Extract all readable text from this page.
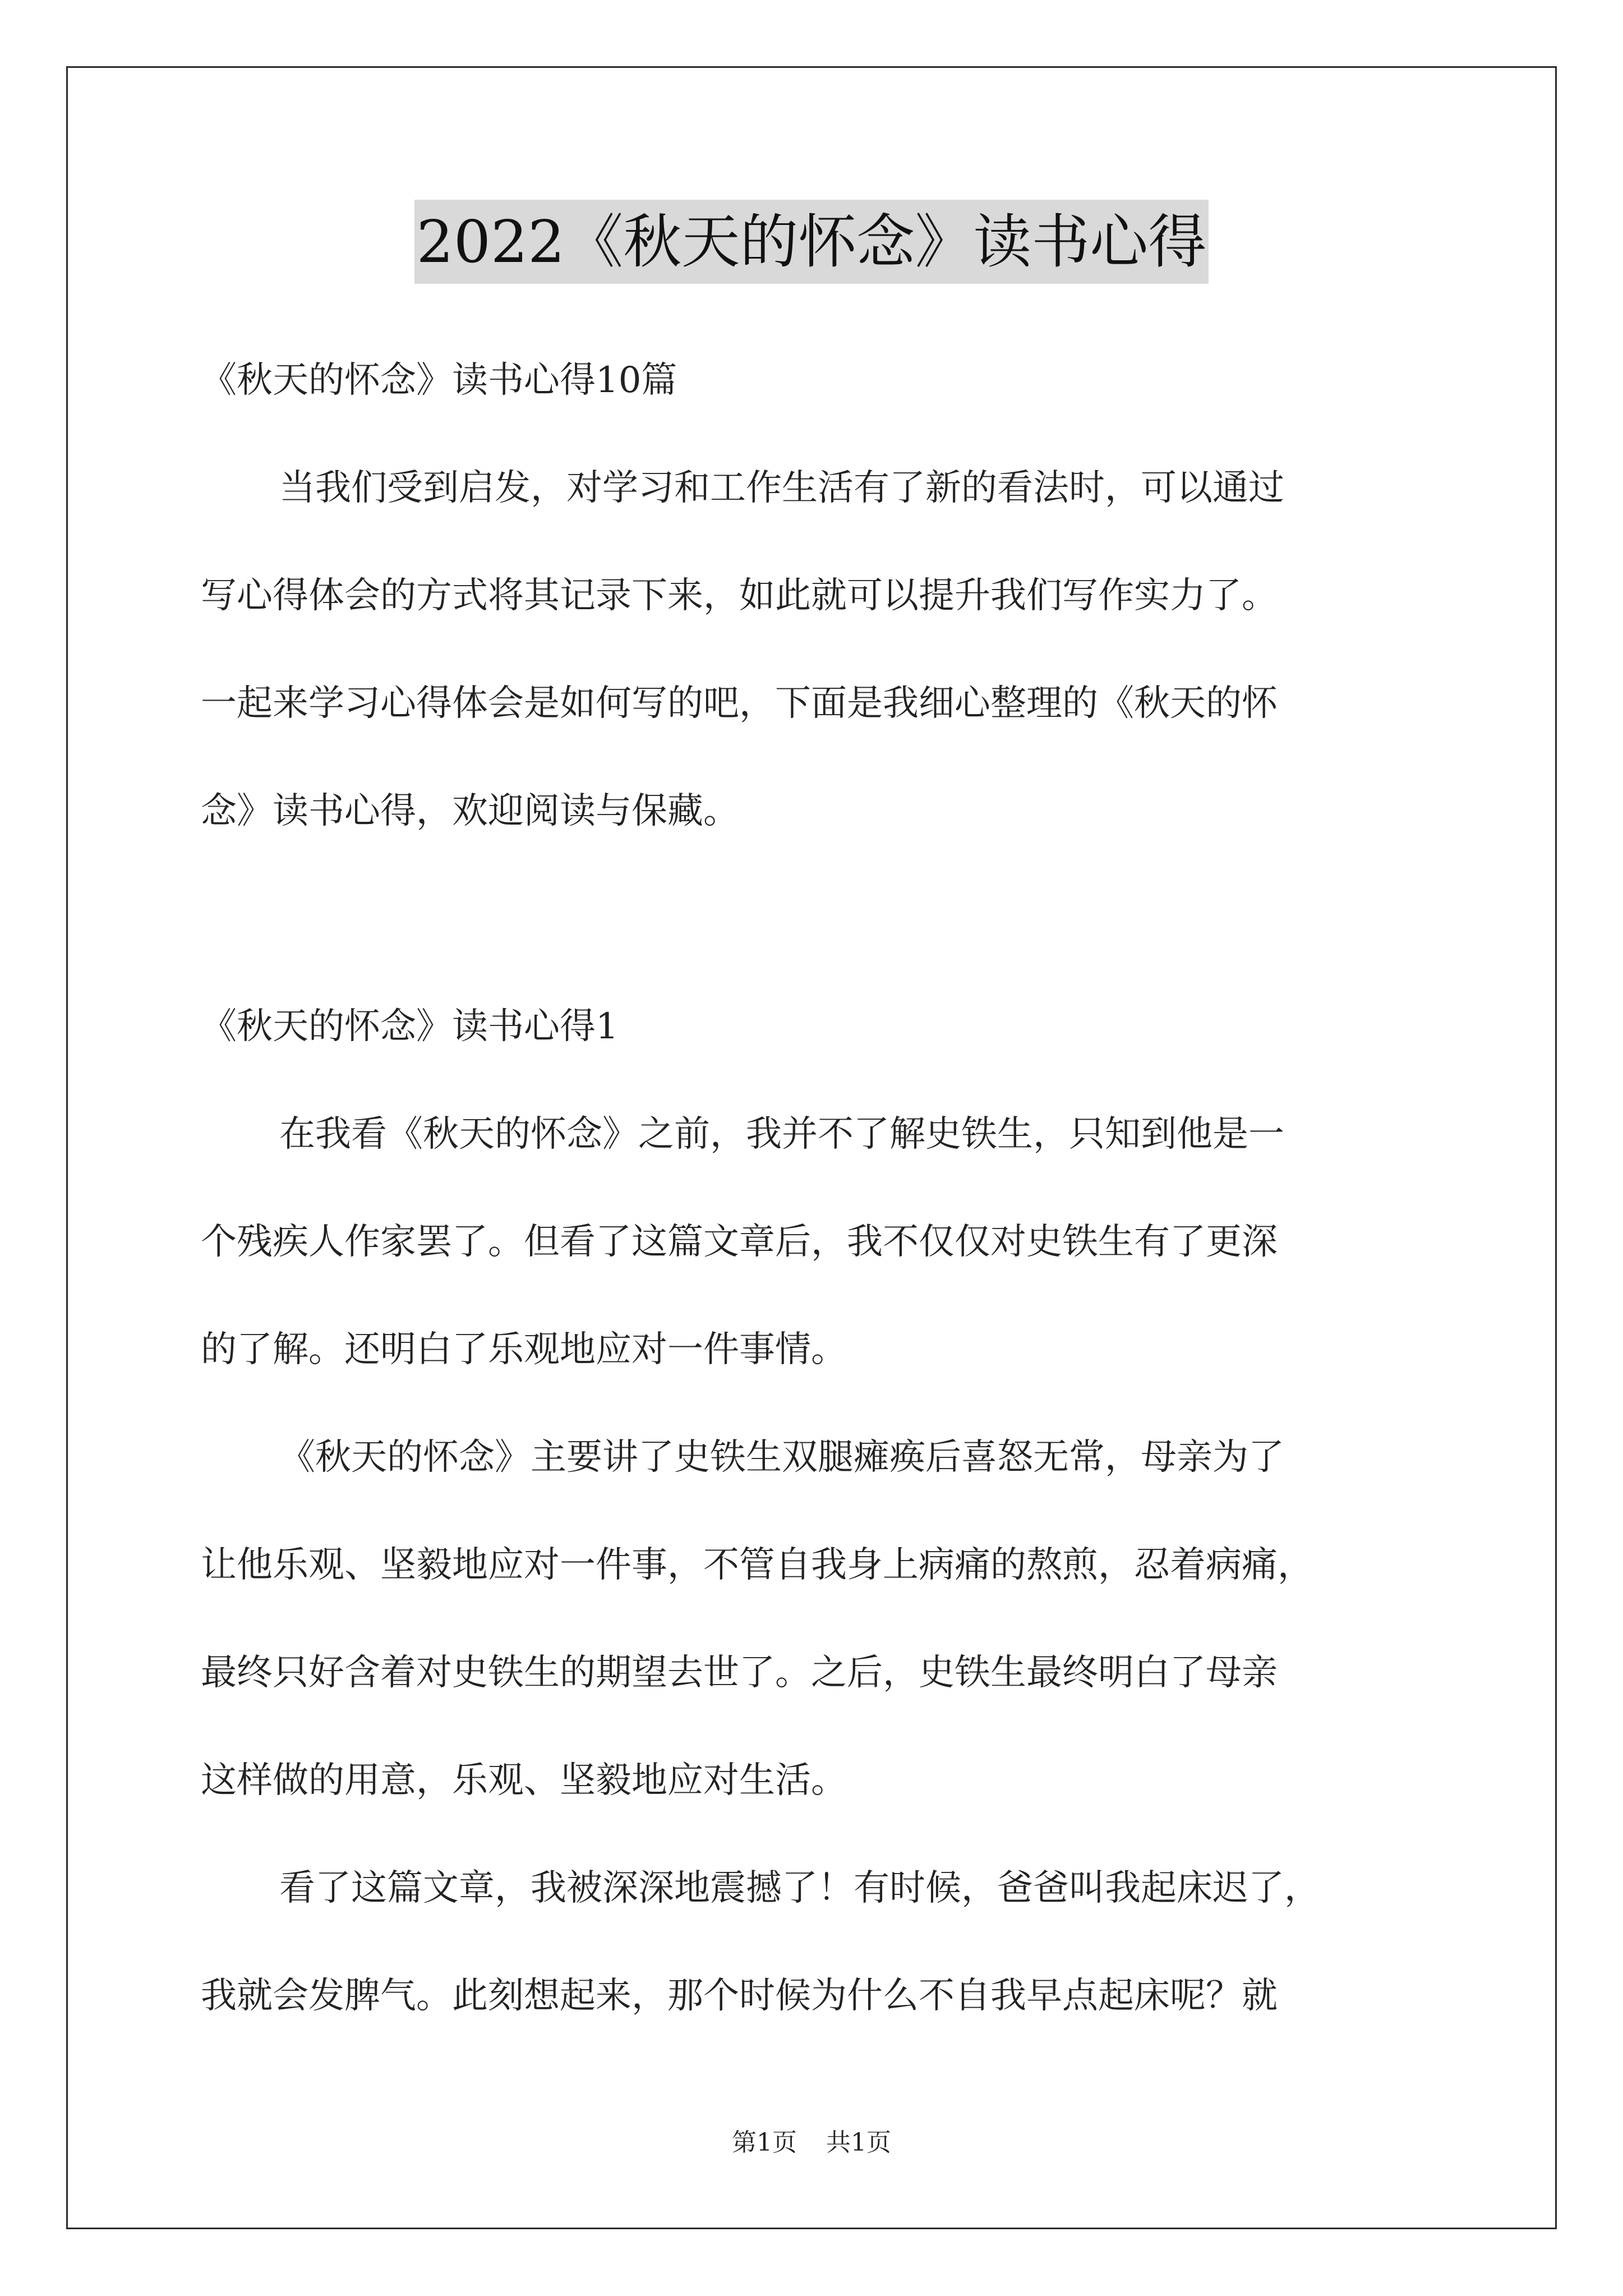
2022《秋天的怀念》读书心得
《秋天的怀念》读书心得10篇
当我们受到启发，对学习和工作生活有了新的看法时，可以通过
写心得体会的方式将其记录下来，如此就可以提升我们写作实力了。
一起来学习心得体会是如何写的吧，下面是我细心整理的《秋天的怀
念》读书心得，欢迎阅读与保藏。
《秋天的怀念》读书心得1
在我看《秋天的怀念》之前，我并不了解史铁生，只知到他是一
个残疾人作家罢了。但看了这篇文章后，我不仅仅对史铁生有了更深
的了解。还明白了乐观地应对一件事情。
《秋天的怀念》主要讲了史铁生双腿瘫痪后喜怒无常，母亲为了
让他乐观、坚毅地应对一件事，不管自我身上病痛的熬煎，忍着病痛，
最终只好含着对史铁生的期望去世了。之后，史铁生最终明白了母亲
这样做的用意，乐观、坚毅地应对生活。
看了这篇文章，我被深深地震撼了！有时候，爸爸叫我起床迟了，
我就会发脾气。此刻想起来，那个时候为什么不自我早点起床呢？就
第1页 共1页
